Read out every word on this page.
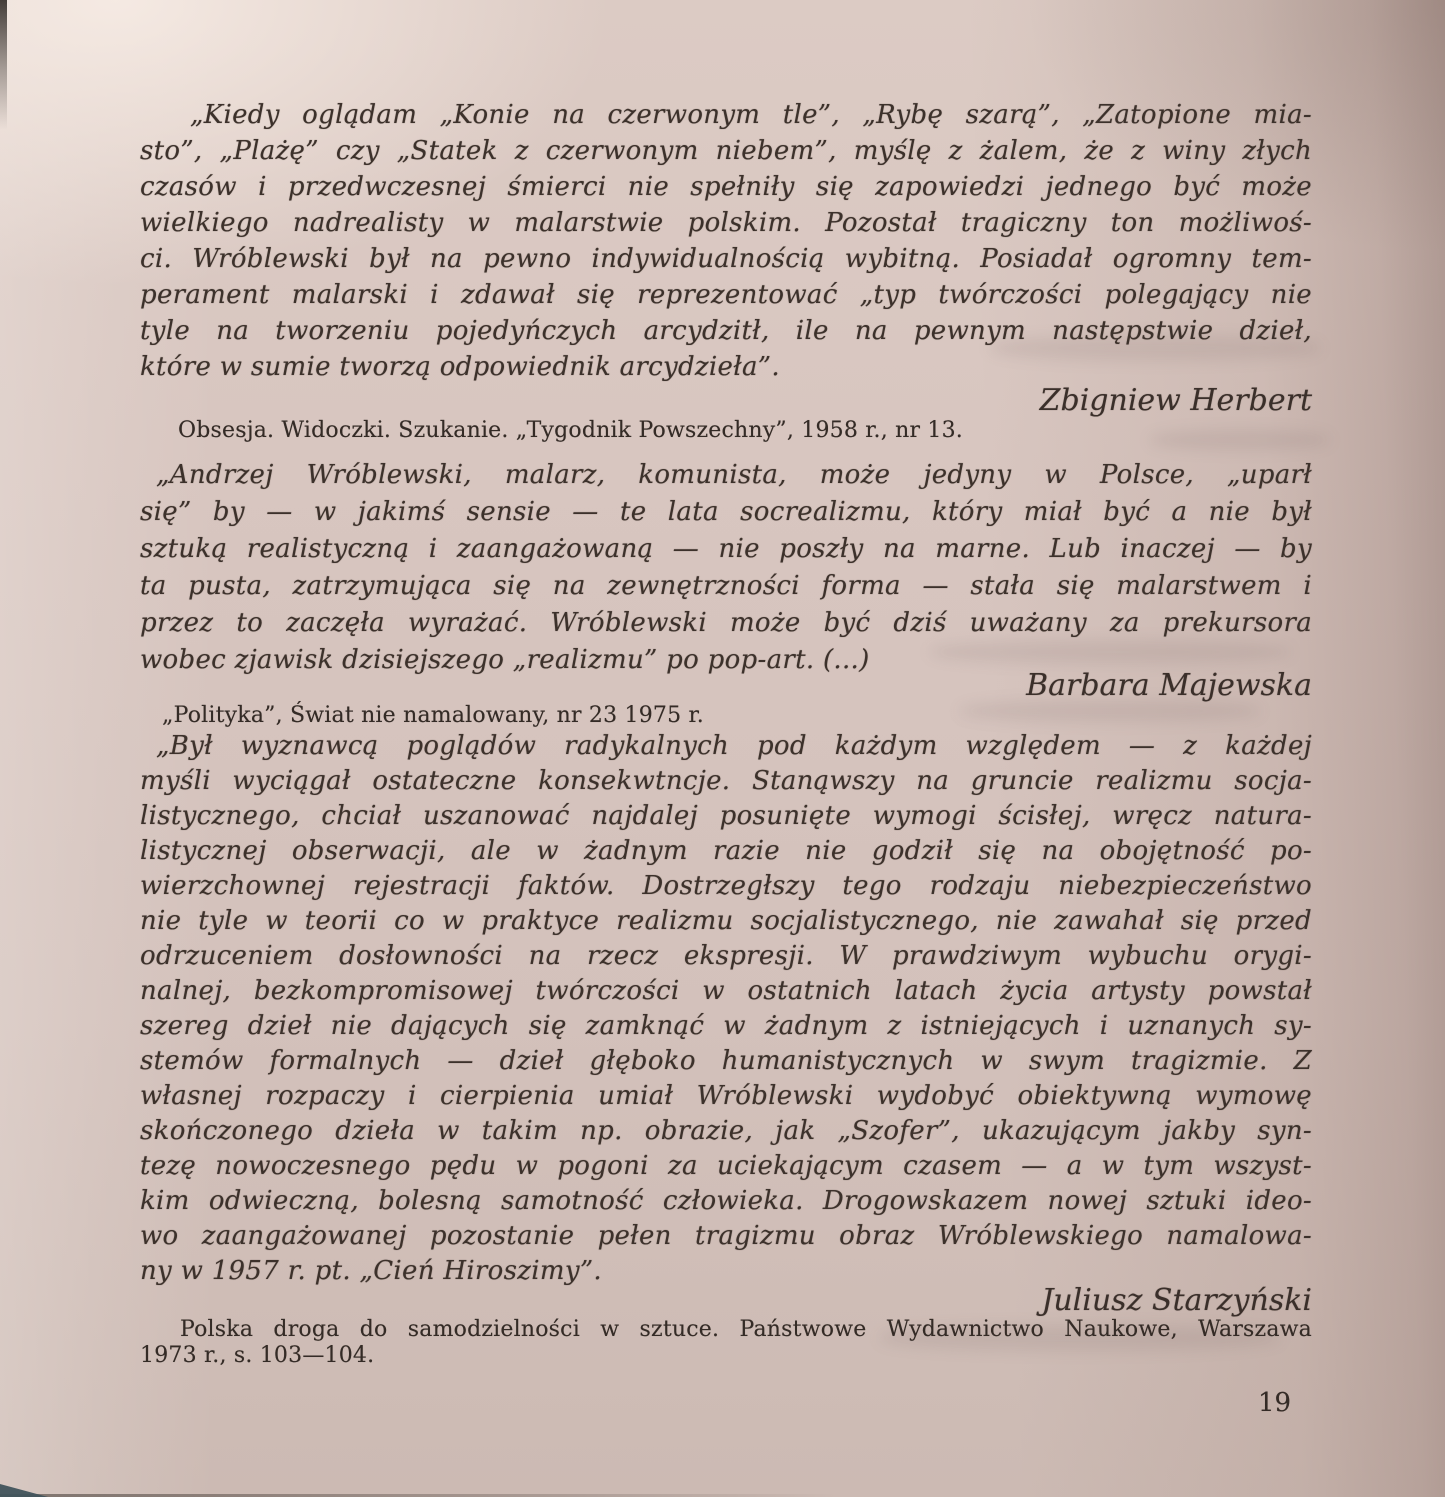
„Kiedy oglądam „Konie na czerwonym tle”, „Rybę szarą”, „Zatopione mia-
sto”, „Plażę” czy „Statek z czerwonym niebem”, myślę z żalem, że z winy złych
czasów i przedwczesnej śmierci nie spełniły się zapowiedzi jednego być może
wielkiego nadrealisty w malarstwie polskim. Pozostał tragiczny ton możliwoś-
ci. Wróblewski był na pewno indywidualnością wybitną. Posiadał ogromny tem-
perament malarski i zdawał się reprezentować „typ twórczości polegający nie
tyle na tworzeniu pojedyńczych arcydzitł, ile na pewnym następstwie dzieł,
które w sumie tworzą odpowiednik arcydzieła”.
Zbigniew Herbert
Obsesja. Widoczki. Szukanie. „Tygodnik Powszechny”, 1958 r., nr 13.
„Andrzej Wróblewski, malarz, komunista, może jedyny w Polsce, „uparł
się” by — w jakimś sensie — te lata socrealizmu, który miał być a nie był
sztuką realistyczną i zaangażowaną — nie poszły na marne. Lub inaczej — by
ta pusta, zatrzymująca się na zewnętrzności forma — stała się malarstwem i
przez to zaczęła wyrażać. Wróblewski może być dziś uważany za prekursora
wobec zjawisk dzisiejszego „realizmu” po pop-art. (...)
Barbara Majewska
„Polityka”, Świat nie namalowany, nr 23 1975 r.
„Był wyznawcą poglądów radykalnych pod każdym względem — z każdej
myśli wyciągał ostateczne konsekwtncje. Stanąwszy na gruncie realizmu socja-
listycznego, chciał uszanować najdalej posunięte wymogi ścisłej, wręcz natura-
listycznej obserwacji, ale w żadnym razie nie godził się na obojętność po-
wierzchownej rejestracji faktów. Dostrzegłszy tego rodzaju niebezpieczeństwo
nie tyle w teorii co w praktyce realizmu socjalistycznego, nie zawahał się przed
odrzuceniem dosłowności na rzecz ekspresji. W prawdziwym wybuchu orygi-
nalnej, bezkompromisowej twórczości w ostatnich latach życia artysty powstał
szereg dzieł nie dających się zamknąć w żadnym z istniejących i uznanych sy-
stemów formalnych — dzieł głęboko humanistycznych w swym tragizmie. Z
własnej rozpaczy i cierpienia umiał Wróblewski wydobyć obiektywną wymowę
skończonego dzieła w takim np. obrazie, jak „Szofer”, ukazującym jakby syn-
tezę nowoczesnego pędu w pogoni za uciekającym czasem — a w tym wszyst-
kim odwieczną, bolesną samotność człowieka. Drogowskazem nowej sztuki ideo-
wo zaangażowanej pozostanie pełen tragizmu obraz Wróblewskiego namalowa-
ny w 1957 r. pt. „Cień Hiroszimy”.
Juliusz Starzyński
Polska droga do samodzielności w sztuce. Państwowe Wydawnictwo Naukowe, Warszawa
1973 r., s. 103—104.
19
